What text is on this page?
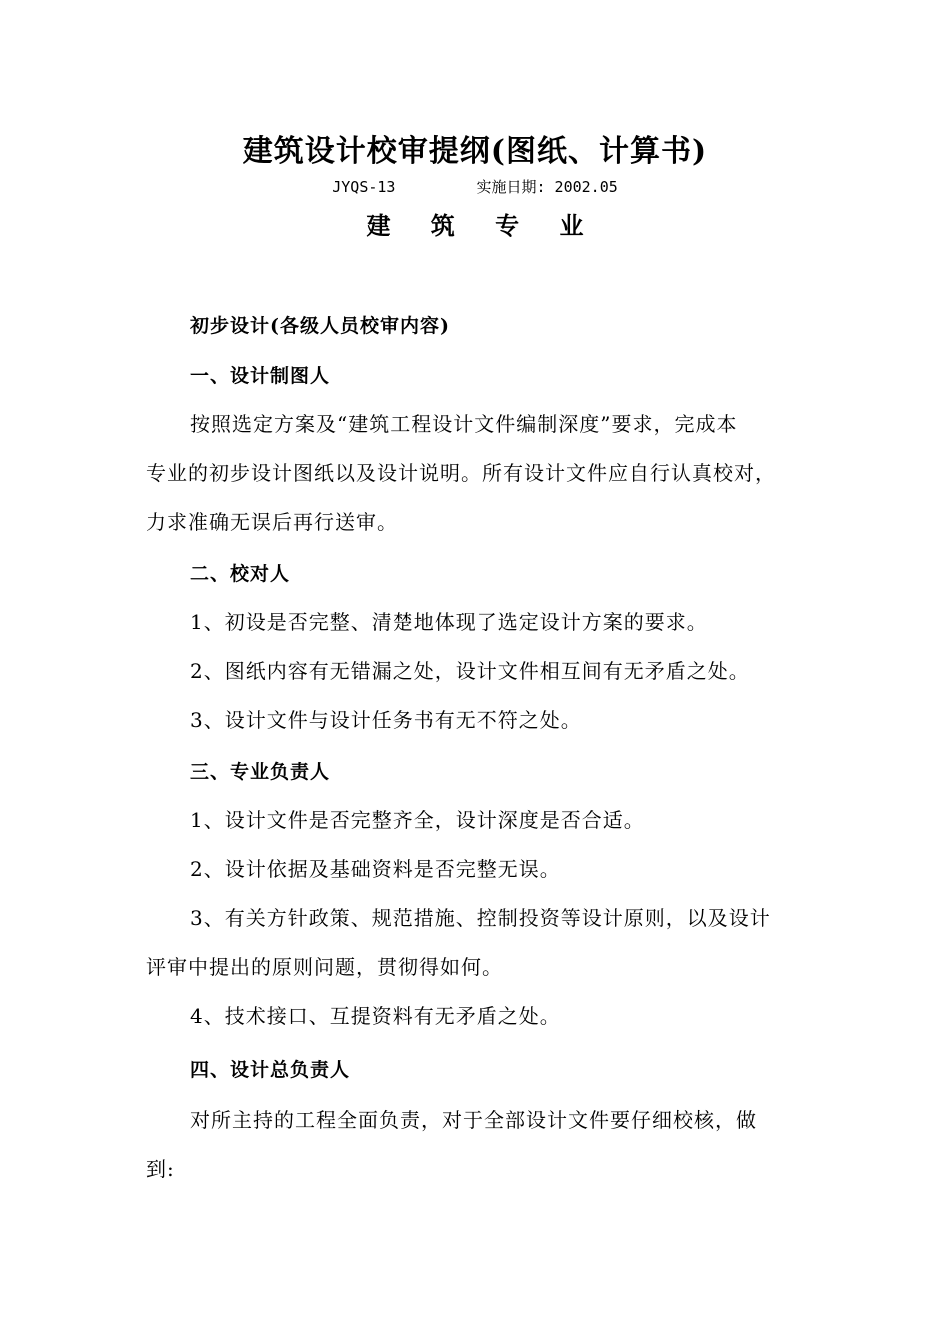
建筑设计校审提纲(图纸、计算书)
JYQS-13	实施日期: 2002.05
建 筑 专 业
初步设计(各级人员校审内容)
一、设计制图人
按照选定方案及“建筑工程设计文件编制深度”要求，完成本
专业的初步设计图纸以及设计说明。所有设计文件应自行认真校对，
力求准确无误后再行送审。
二、校对人
1、初设是否完整、清楚地体现了选定设计方案的要求。
2、图纸内容有无错漏之处，设计文件相互间有无矛盾之处。
3、设计文件与设计任务书有无不符之处。
三、专业负责人
1、设计文件是否完整齐全，设计深度是否合适。
2、设计依据及基础资料是否完整无误。
3、有关方针政策、规范措施、控制投资等设计原则，以及设计
评审中提出的原则问题，贯彻得如何。
4、技术接口、互提资料有无矛盾之处。
四、设计总负责人
对所主持的工程全面负责，对于全部设计文件要仔细校核，做
到:
